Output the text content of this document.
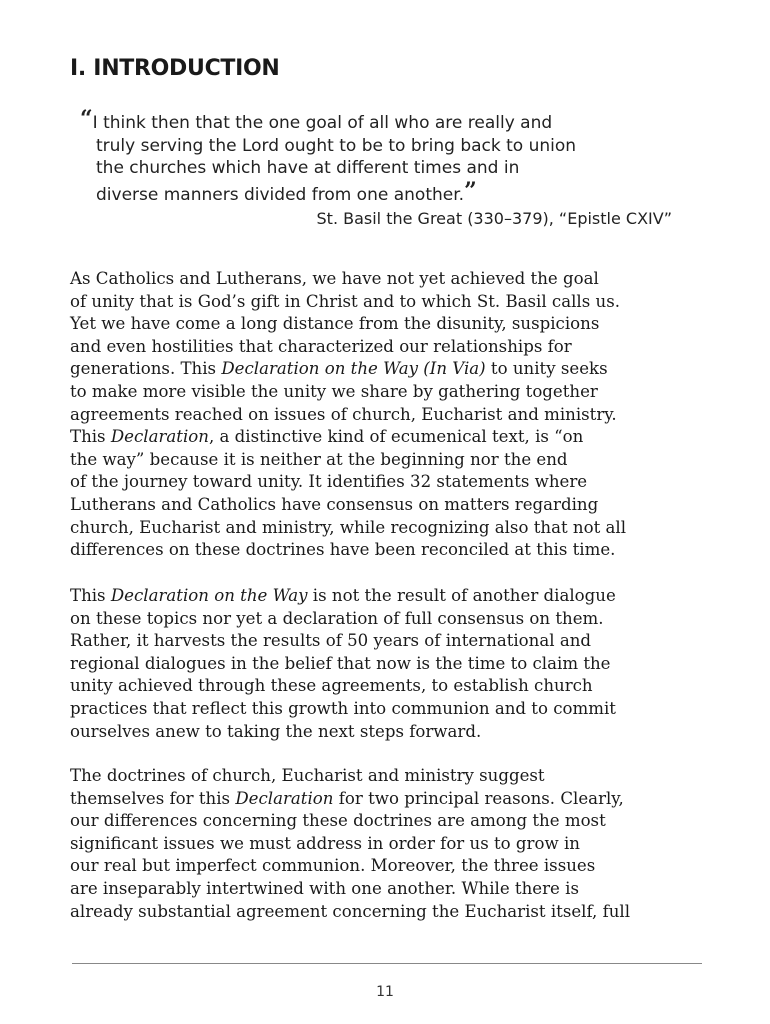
I. INTRODUCTION
“I think then that the one goal of all who are really and
truly serving the Lord ought to be to bring back to union
the churches which have at different times and in
diverse manners divided from one another.”
St. Basil the Great (330–379), “Epistle CXIV”
As Catholics and Lutherans, we have not yet achieved the goal
of unity that is God’s gift in Christ and to which St. Basil calls us.
Yet we have come a long distance from the disunity, suspicions
and even hostilities that characterized our relationships for
generations. This Declaration on the Way (In Via) to unity seeks
to make more visible the unity we share by gathering together
agreements reached on issues of church, Eucharist and ministry.
This Declaration, a distinctive kind of ecumenical text, is “on
the way” because it is neither at the beginning nor the end
of the journey toward unity. It identifies 32 statements where
Lutherans and Catholics have consensus on matters regarding
church, Eucharist and ministry, while recognizing also that not all
differences on these doctrines have been reconciled at this time.
This Declaration on the Way is not the result of another dialogue
on these topics nor yet a declaration of full consensus on them.
Rather, it harvests the results of 50 years of international and
regional dialogues in the belief that now is the time to claim the
unity achieved through these agreements, to establish church
practices that reflect this growth into communion and to commit
ourselves anew to taking the next steps forward.
The doctrines of church, Eucharist and ministry suggest
themselves for this Declaration for two principal reasons. Clearly,
our differences concerning these doctrines are among the most
significant issues we must address in order for us to grow in
our real but imperfect communion. Moreover, the three issues
are inseparably intertwined with one another. While there is
already substantial agreement concerning the Eucharist itself, full
11
